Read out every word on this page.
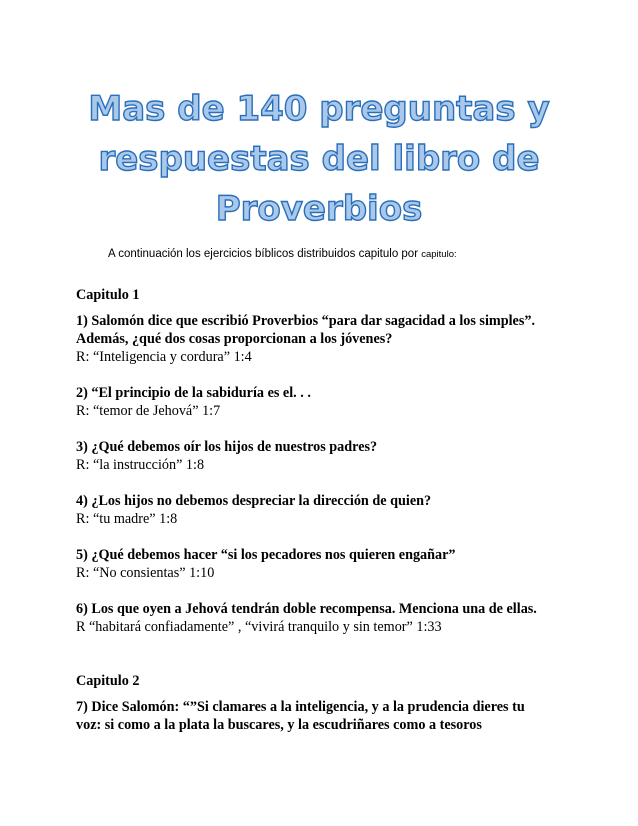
Mas de 140 preguntas y
respuestas del libro de
Proverbios
A continuación los ejercicios bíblicos distribuidos capitulo por capitulo:
Capitulo 1
1) Salomón dice que escribió Proverbios “para dar sagacidad a los simples”.
Además, ¿qué dos cosas proporcionan a los jóvenes?
R: “Inteligencia y cordura” 1:4
2) “El principio de la sabiduría es el. . .
R: “temor de Jehová” 1:7
3) ¿Qué debemos oír los hijos de nuestros padres?
R: “la instrucción” 1:8
4) ¿Los hijos no debemos despreciar la dirección de quien?
R: “tu madre” 1:8
5) ¿Qué debemos hacer “si los pecadores nos quieren engañar”
R: “No consientas” 1:10
6) Los que oyen a Jehová tendrán doble recompensa. Menciona una de ellas.
R “habitará confiadamente” , “vivirá tranquilo y sin temor” 1:33
Capitulo 2
7) Dice Salomón: “”Si clamares a la inteligencia, y a la prudencia dieres tu
voz: si como a la plata la buscares, y la escudriñares como a tesoros
